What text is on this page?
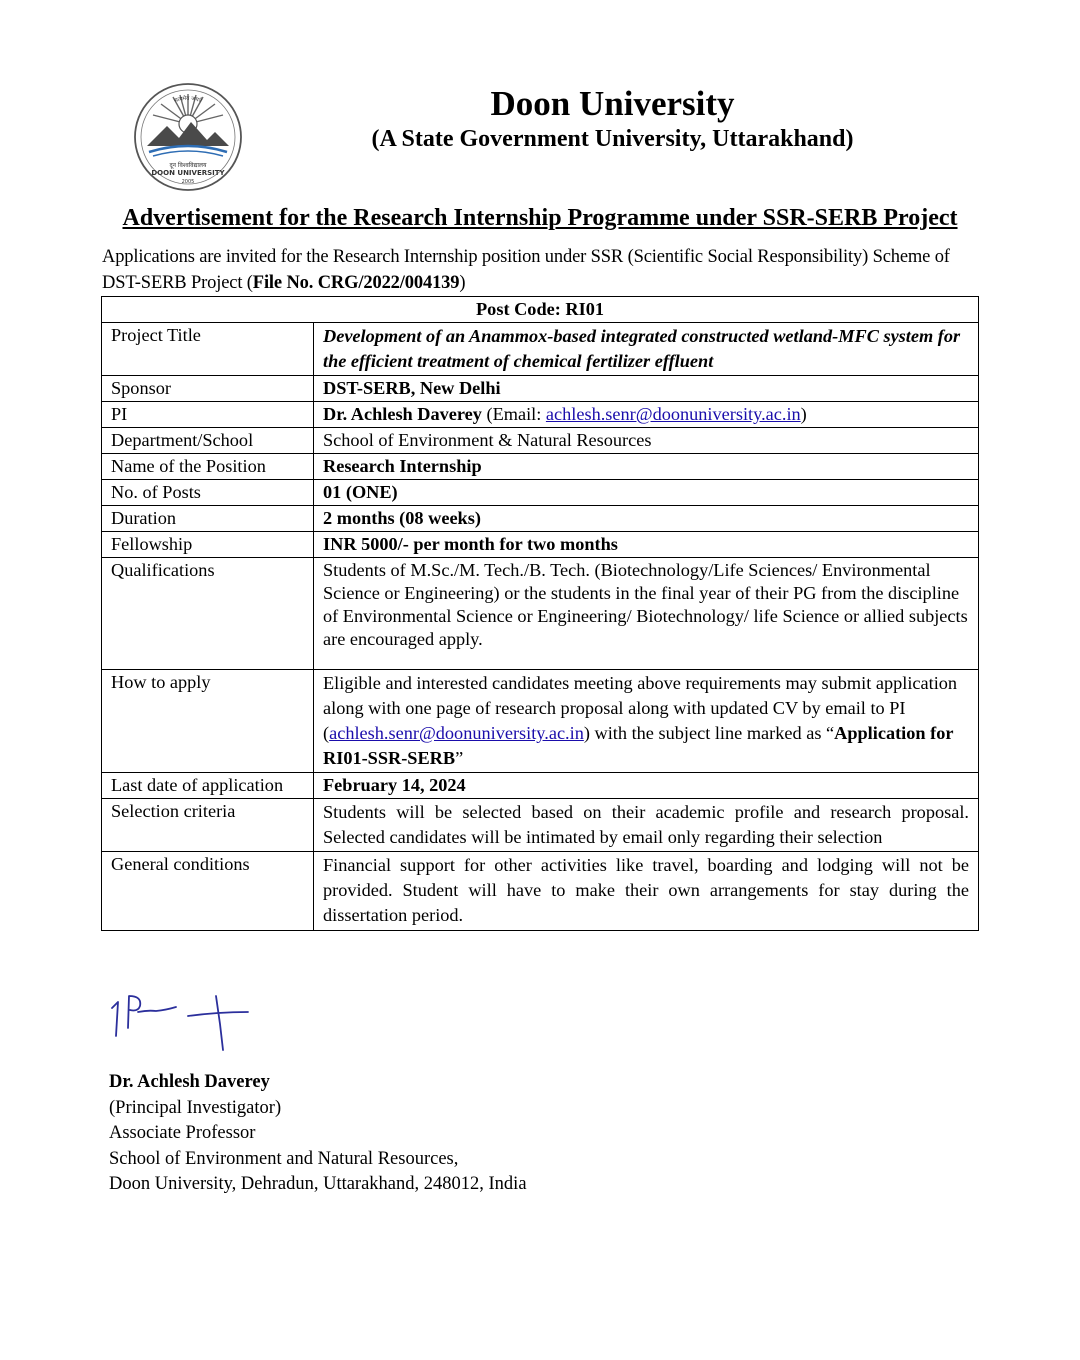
दून विश्वविद्यालय
DOON UNIVERSITY
2005
सत्यमेव जयते	Doon University
(A State Government University, Uttarakhand)
Advertisement for the Research Internship Programme under SSR-SERB Project
Applications are invited for the Research Internship position under SSR (Scientific Social Responsibility) Scheme of DST-SERB Project (File No. CRG/2022/004139)
Post Code: RI01	
Project Title	Development of an Anammox-based integrated constructed wetland-MFC system for the efficient treatment of chemical fertilizer effluent
Sponsor	DST-SERB, New Delhi
PI	Dr. Achlesh Daverey (Email: achlesh.senr@doonuniversity.ac.in)
Department/School	School of Environment & Natural Resources
Name of the Position	Research Internship
No. of Posts	01 (ONE)
Duration	2 months (08 weeks)
Fellowship	INR 5000/- per month for two months
Qualifications	Students of M.Sc./M. Tech./B. Tech. (Biotechnology/Life Sciences/ Environmental Science or Engineering) or the students in the final year of their PG from the discipline of Environmental Science or Engineering/ Biotechnology/ life Science or allied subjects are encouraged apply.
How to apply	Eligible and interested candidates meeting above requirements may submit application along with one page of research proposal along with updated CV by email to PI (achlesh.senr@doonuniversity.ac.in) with the subject line marked as “Application for RI01-SSR-SERB”
Last date of application	February 14, 2024
Selection criteria	Students will be selected based on their academic profile and research proposal. Selected candidates will be intimated by email only regarding their selection
General conditions	Financial support for other activities like travel, boarding and lodging will not be provided. Student will have to make their own arrangements for stay during the dissertation period.
Dr. Achlesh Daverey
(Principal Investigator)
Associate Professor
School of Environment and Natural Resources,
Doon University, Dehradun, Uttarakhand, 248012, India
